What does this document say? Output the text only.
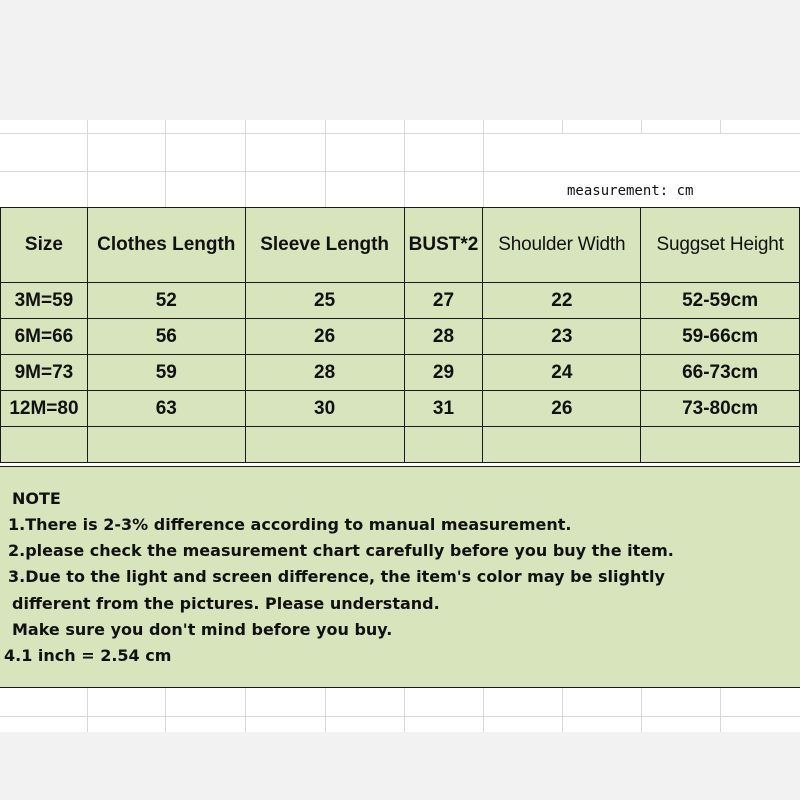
measurement: cm
Size	Clothes Length	Sleeve Length	BUST*2	Shoulder Width	Suggset Height
3M=59	52	25	27	22	52-59cm
6M=66	56	26	28	23	59-66cm
9M=73	59	28	29	24	66-73cm
12M=80	63	30	31	26	73-80cm

NOTE
1.There is 2-3% difference according to manual measurement.
2.please check the measurement chart carefully before you buy the item.
3.Due to the light and screen difference, the item's color may be slightly
different from the pictures. Please understand.
Make sure you don't mind before you buy.
4.1 inch = 2.54 cm
